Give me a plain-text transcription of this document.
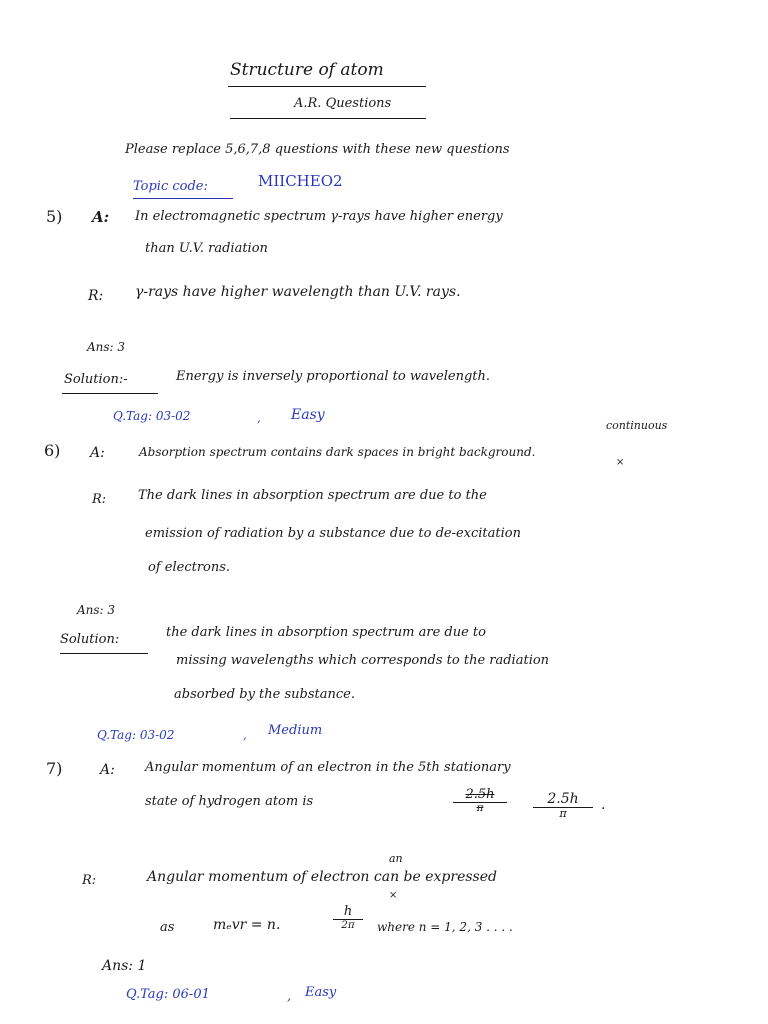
Structure of atom
A.R. Questions
Please replace 5,6,7,8 questions with these new questions
Topic code:	MIICHEO2
5) A: In electromagnetic spectrum γ-rays have higher energy
than U.V. radiation
R: γ-rays have higher wavelength than U.V. rays.
Ans: 3
Solution:-	Energy is inversely proportional to wavelength.
Q.Tag: 03-02	, Easy
6)
continuous
×
A:	Absorption spectrum contains dark spaces in bright background.
R: The dark lines in absorption spectrum are due to the
emission of radiation by a substance due to de-excitation
of electrons.
Ans: 3
Solution:	the dark lines in absorption spectrum are due to
missing wavelengths which corresponds to the radiation
absorbed by the substance.
Q.Tag: 03-02	, Medium
7)	A: Angular momentum of an electron in the 5th stationary
state of hydrogen atom is	2.5h
π
2.5h
π
.
R:
an
×
Angular momentum of electron can be expressed
as	mₑvr = n.
h
2π	where n = 1, 2, 3 . . . .
Ans: 1
Q.Tag: 06-01	, Easy
